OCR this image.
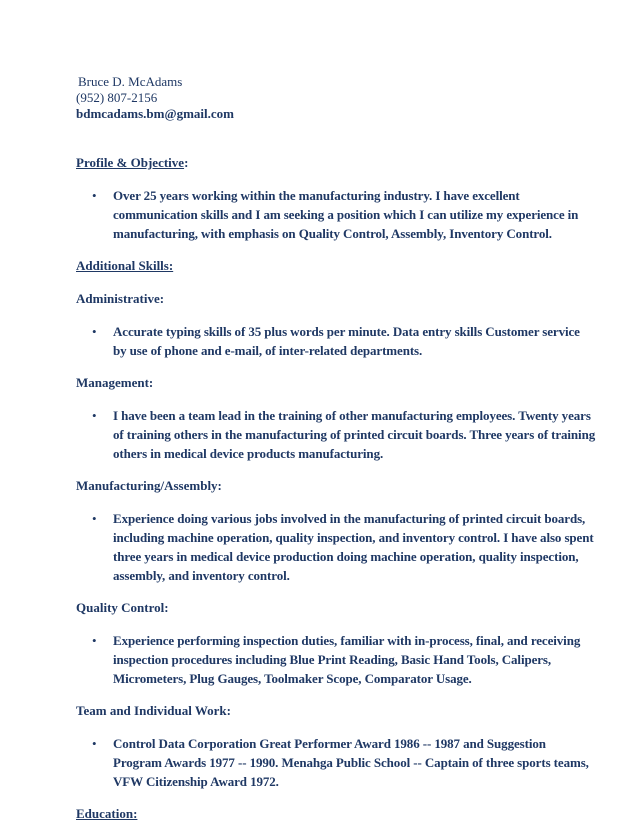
Bruce D. McAdams

(952) 807-2156

bdmcadams.bm@gmail.com

Profile & Objective:

• Over 25 years working within the manufacturing industry. I have excellent communication skills and I am seeking a position which I can utilize my experience in manufacturing, with emphasis on Quality Control, Assembly, Inventory Control.

Additional Skills:

Administrative:

• Accurate typing skills of 35 plus words per minute. Data entry skills Customer service by use of phone and e-mail, of inter-related departments.

Management:

• I have been a team lead in the training of other manufacturing employees. Twenty years of training others in the manufacturing of printed circuit boards. Three years of training others in medical device products manufacturing.

Manufacturing/Assembly:

• Experience doing various jobs involved in the manufacturing of printed circuit boards, including machine operation, quality inspection, and inventory control. I have also spent three years in medical device production doing machine operation, quality inspection, assembly, and inventory control.

Quality Control:

• Experience performing inspection duties, familiar with in-process, final, and receiving inspection procedures including Blue Print Reading, Basic Hand Tools, Calipers, Micrometers, Plug Gauges, Toolmaker Scope, Comparator Usage.

Team and Individual Work:

• Control Data Corporation Great Performer Award 1986 -- 1987 and Suggestion Program Awards 1977 -- 1990. Menahga Public School -- Captain of three sports teams, VFW Citizenship Award 1972.

Education:
